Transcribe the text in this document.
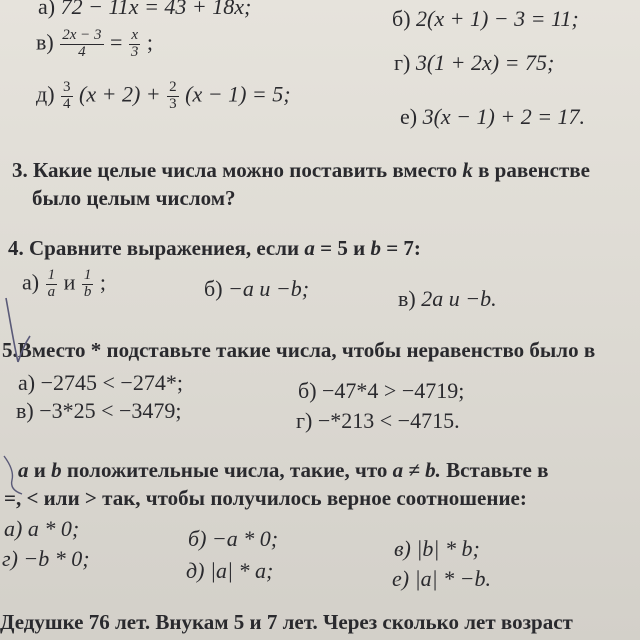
а) 72 − 11x = 43 + 18x;	б) 2(x + 1) − 3 = 11;
$в) \frac{2x - 3}{4} = \frac{x}{3}$ ;
г) 3(1 + 2x) = 75;
$д) \frac{3}{4} (x + 2) + \frac{2}{3} (x - 1) = 5$;
е) 3(x − 1) + 2 = 17.
3. Какие целые числа можно поставить вместо k в равенстве
было целым числом?
4. Сравните выражениея, если a = 5 и b = 7:
$а) \frac{1}{a}$ и $\frac{1}{b}$ ;	б) −a и −b;	в) 2a и −b.
5.Вместо * подставьте такие числа, чтобы неравенство было в
а) −2745 < −274*;	б) −47*4 > −4719;
в) −3*25 < −3479;	г) −*213 < −4715.
a и b положительные числа, такие, что a ≠ b. Вставьте в
=, < или > так, чтобы получилось верное соотношение:
а) a * 0;	б) −a * 0;	в) |b| * b;
г) −b * 0;	д) |a| * a;	е) |a| * −b.
Дедушке 76 лет. Внукам 5 и 7 лет. Через сколько лет возраст
